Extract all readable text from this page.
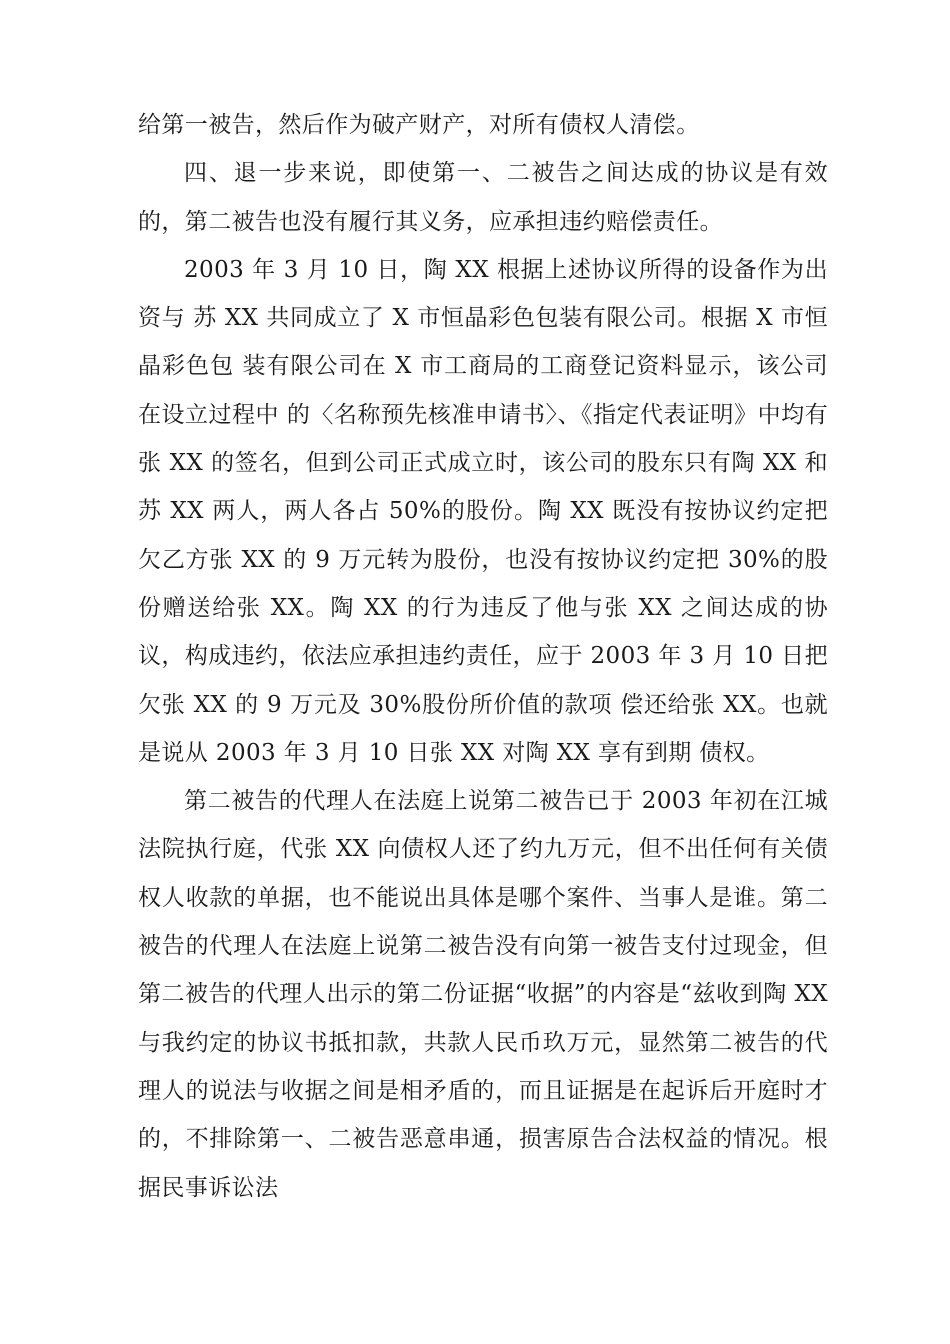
给第一被告，然后作为破产财产，对所有债权人清偿。

四、退一步来说，即使第一、二被告之间达成的协议是有效的，第二被告也没有履行其义务，应承担违约赔偿责任。

2003 年 3 月 10 日，陶 XX 根据上述协议所得的设备作为出资与 苏 XX 共同成立了 X 市恒晶彩色包装有限公司。根据 X 市恒晶彩色包 装有限公司在 X 市工商局的工商登记资料显示，该公司在设立过程中 的〈名称预先核准申请书〉、《指定代表证明》中均有张 XX 的签名，但到公司正式成立时，该公司的股东只有陶 XX 和苏 XX 两人，两人各占 50%的股份。陶 XX 既没有按协议约定把欠乙方张 XX 的 9 万元转为股份，也没有按协议约定把 30%的股份赠送给张 XX。陶 XX 的行为违反了他与张 XX 之间达成的协议，构成违约，依法应承担违约责任，应于 2003 年 3 月 10 日把欠张 XX 的 9 万元及 30%股份所价值的款项 偿还给张 XX。也就是说从 2003 年 3 月 10 日张 XX 对陶 XX 享有到期 债权。

第二被告的代理人在法庭上说第二被告已于 2003 年初在江城法院执行庭，代张 XX 向债权人还了约九万元，但不出任何有关债权人收款的单据，也不能说出具体是哪个案件、当事人是谁。第二被告的代理人在法庭上说第二被告没有向第一被告支付过现金，但第二被告的代理人出示的第二份证据“收据”的内容是“兹收到陶 XX 与我约定的协议书抵扣款，共款人民币玖万元，显然第二被告的代理人的说法与收据之间是相矛盾的，而且证据是在起诉后开庭时才的，不排除第一、二被告恶意串通，损害原告合法权益的情况。根据民事诉讼法
